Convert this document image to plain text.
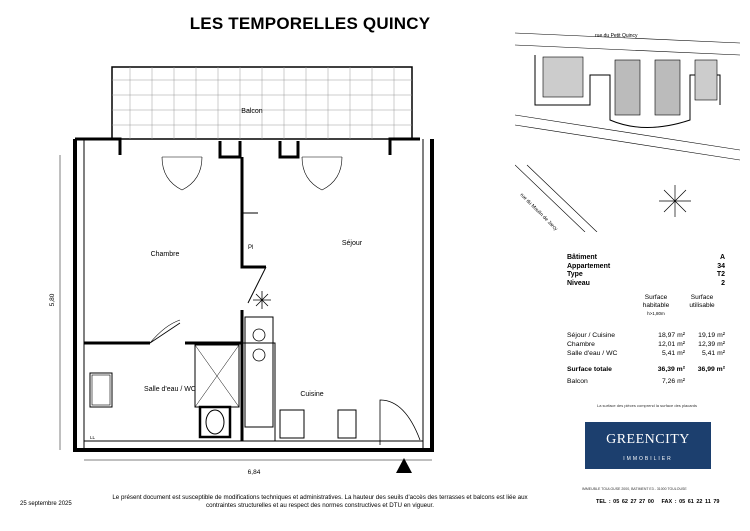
LES TEMPORELLES QUINCY
Balcon
Chambre
Séjour
Salle d'eau / WC
Cuisine
Pl
LL
5,80
6,84
rue du Petit Quincy
rue du Moulin de Jarcy
Bâtiment	A
Appartement	34
Type	T2
Niveau	2
Surface habitable
h>1,80m
Surface utilisable
Séjour / Cuisine	18,97 m²	19,19 m²
Chambre	12,01 m²	12,39 m²
Salle d'eau / WC	5,41 m²	5,41 m²
Surface totale	36,39 m²	36,99 m²
Balcon	7,26 m²
La surface des pièces comprend la surface des placards
GREENCITY
IMMOBILIER
IMMEUBLE TOULOUSE 2000, BATIMENT E3 - 31000 TOULOUSE
TEL : 05 62 27 27 00 FAX : 05 61 22 11 79
25 septembre 2025
Le présent document est susceptible de modifications techniques et administratives. La hauteur des seuils d'accès des terrasses et balcons est liée aux contraintes structurelles et au respect des normes constructives et DTU en vigueur.
